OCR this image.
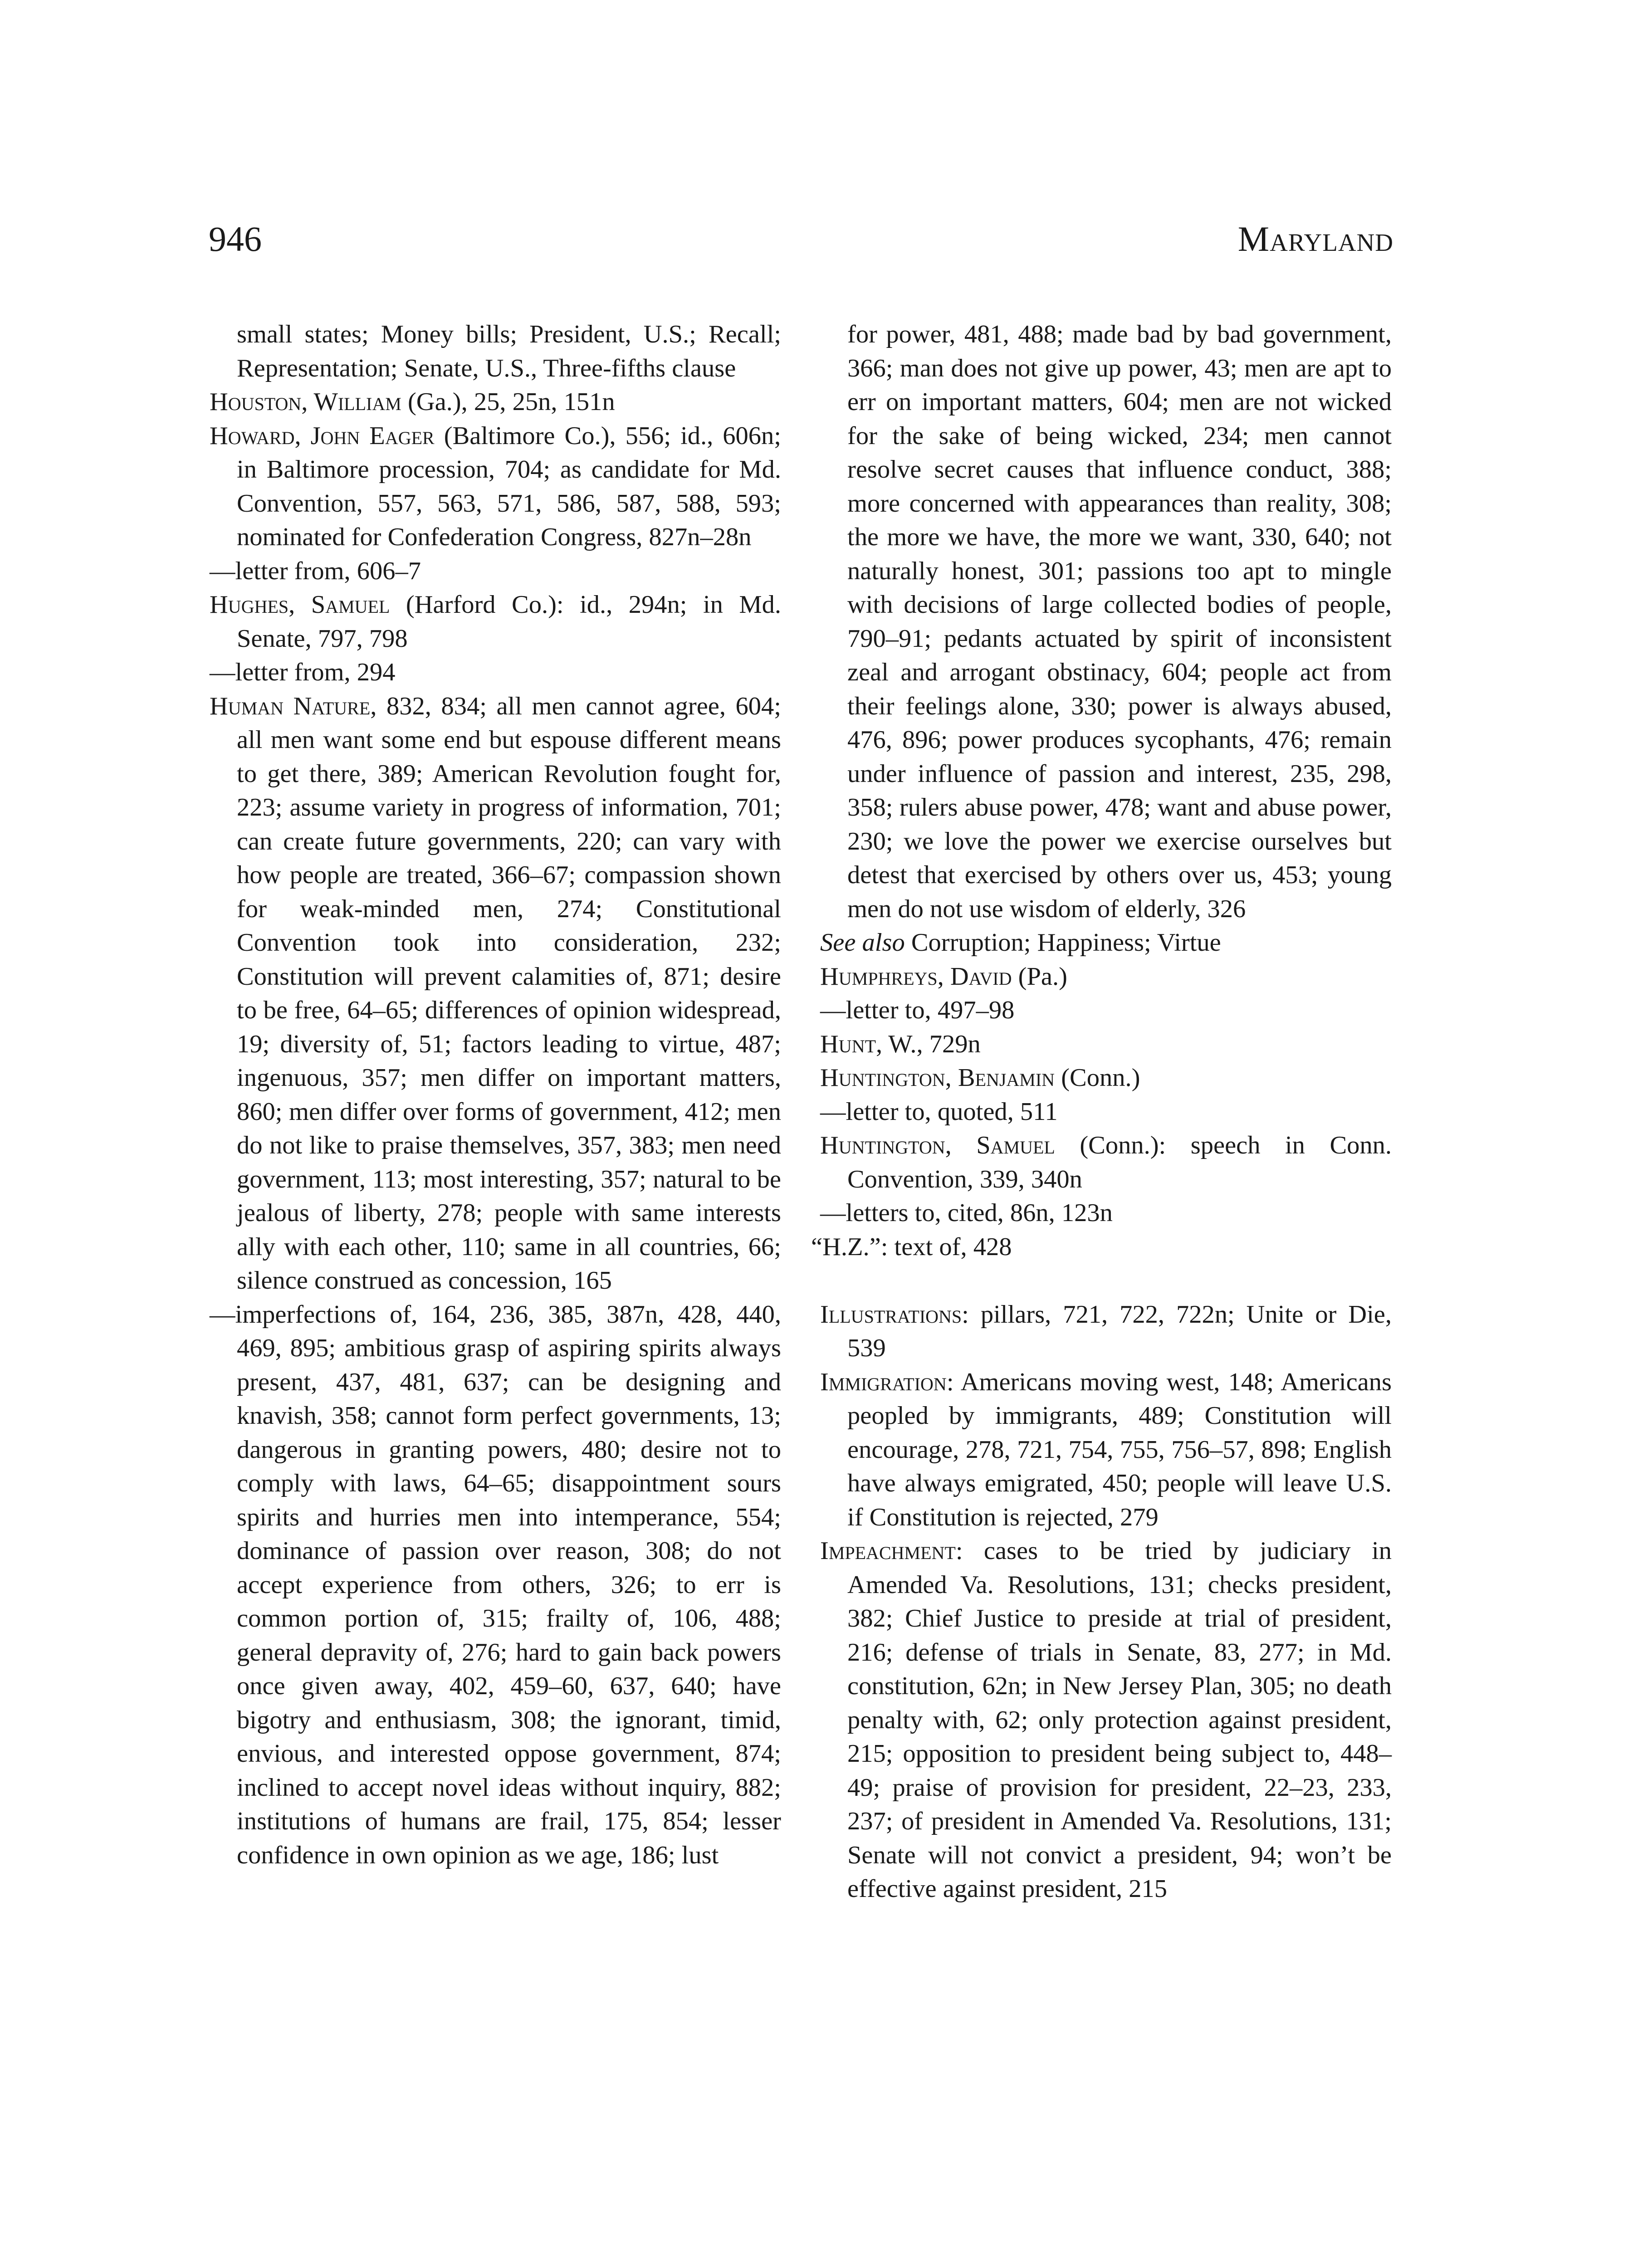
946	Maryland

small states; Money bills; President, U.S.; Recall; Representation; Senate, U.S., Three-fifths clause

Houston, William (Ga.), 25, 25n, 151n

Howard, John Eager (Baltimore Co.), 556; id., 606n; in Baltimore procession, 704; as candidate for Md. Convention, 557, 563, 571, 586, 587, 588, 593; nominated for Confederation Congress, 827n–28n

—letter from, 606–7

Hughes, Samuel (Harford Co.): id., 294n; in Md. Senate, 797, 798

—letter from, 294

Human Nature, 832, 834; all men cannot agree, 604; all men want some end but espouse different means to get there, 389; American Revolution fought for, 223; assume variety in progress of information, 701; can create future governments, 220; can vary with how people are treated, 366–67; compassion shown for weak-minded men, 274; Constitutional Convention took into consideration, 232; Constitution will prevent calamities of, 871; desire to be free, 64–65; differences of opinion widespread, 19; diversity of, 51; factors leading to virtue, 487; ingenuous, 357; men differ on important matters, 860; men differ over forms of government, 412; men do not like to praise themselves, 357, 383; men need government, 113; most interesting, 357; natural to be jealous of liberty, 278; people with same interests ally with each other, 110; same in all countries, 66; silence construed as concession, 165

—imperfections of, 164, 236, 385, 387n, 428, 440, 469, 895; ambitious grasp of aspiring spirits always present, 437, 481, 637; can be designing and knavish, 358; cannot form perfect governments, 13; dangerous in granting powers, 480; desire not to comply with laws, 64–65; disappointment sours spirits and hurries men into intemperance, 554; dominance of passion over reason, 308; do not accept experience from others, 326; to err is common portion of, 315; frailty of, 106, 488; general depravity of, 276; hard to gain back powers once given away, 402, 459–60, 637, 640; have bigotry and enthusiasm, 308; the ignorant, timid, envious, and interested oppose government, 874; inclined to accept novel ideas without inquiry, 882; institutions of humans are frail, 175, 854; lesser confidence in own opinion as we age, 186; lust

for power, 481, 488; made bad by bad government, 366; man does not give up power, 43; men are apt to err on important matters, 604; men are not wicked for the sake of being wicked, 234; men cannot resolve secret causes that influence conduct, 388; more concerned with appearances than reality, 308; the more we have, the more we want, 330, 640; not naturally honest, 301; passions too apt to mingle with decisions of large collected bodies of people, 790–91; pedants actuated by spirit of inconsistent zeal and arrogant obstinacy, 604; people act from their feelings alone, 330; power is always abused, 476, 896; power produces sycophants, 476; remain under influence of passion and interest, 235, 298, 358; rulers abuse power, 478; want and abuse power, 230; we love the power we exercise ourselves but detest that exercised by others over us, 453; young men do not use wisdom of elderly, 326

See also Corruption; Happiness; Virtue

Humphreys, David (Pa.)

—letter to, 497–98

Hunt, W., 729n

Huntington, Benjamin (Conn.)

—letter to, quoted, 511

Huntington, Samuel (Conn.): speech in Conn. Convention, 339, 340n

—letters to, cited, 86n, 123n

“H.Z.”: text of, 428

Illustrations: pillars, 721, 722, 722n; Unite or Die, 539

Immigration: Americans moving west, 148; Americans peopled by immigrants, 489; Constitution will encourage, 278, 721, 754, 755, 756–57, 898; English have always emigrated, 450; people will leave U.S. if Constitution is rejected, 279

Impeachment: cases to be tried by judiciary in Amended Va. Resolutions, 131; checks president, 382; Chief Justice to preside at trial of president, 216; defense of trials in Senate, 83, 277; in Md. constitution, 62n; in New Jersey Plan, 305; no death penalty with, 62; only protection against president, 215; opposition to president being subject to, 448–49; praise of provision for president, 22–23, 233, 237; of president in Amended Va. Resolutions, 131; Senate will not convict a president, 94; won’t be effective against president, 215
